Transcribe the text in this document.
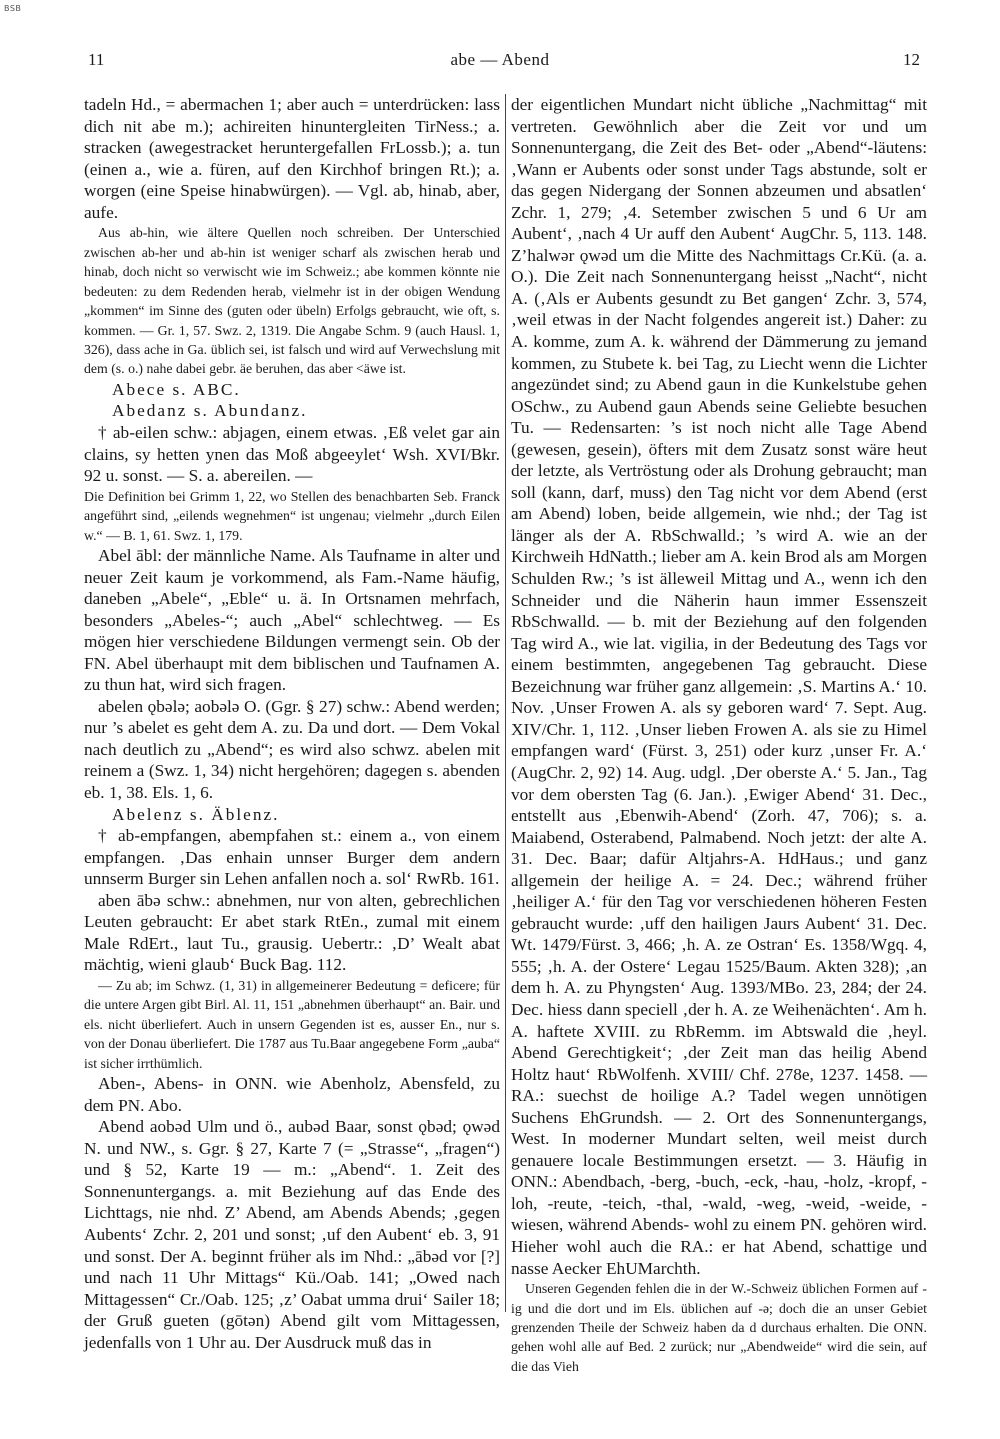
BSB
11	abe — Abend	12

tadeln Hd., = abermachen 1; aber auch = unterdrücken: lass dich nit abe m.); achireiten hinuntergleiten TirNess.; a. stracken (awegestracket heruntergefallen FrLossb.); a. tun (einen a., wie a. füren, auf den Kirchhof bringen Rt.); a. worgen (eine Speise hinabwürgen). — Vgl. ab, hinab, aber, aufe.

Aus ab-hin, wie ältere Quellen noch schreiben. Der Unterschied zwischen ab-her und ab-hin ist weniger scharf als zwischen herab und hinab, doch nicht so verwischt wie im Schweiz.; abe kommen könnte nie bedeuten: zu dem Redenden herab, vielmehr ist in der obigen Wendung „kommen“ im Sinne des (guten oder übeln) Erfolgs gebraucht, wie oft, s. kommen. — Gr. 1, 57. Swz. 2, 1319. Die Angabe Schm. 9 (auch Hausl. 1, 326), dass ache in Ga. üblich sei, ist falsch und wird auf Verwechslung mit dem (s. o.) nahe dabei gebr. äe beruhen, das aber <äwe ist.

Abece s. ABC.

Abedanz s. Abundanz.

† ab-eilen schw.: abjagen, einem etwas. ‚Eß velet gar ain clains, sy hetten ynen das Moß abgeeylet‘ Wsh. XVI/Bkr. 92 u. sonst. — S. a. abereilen. —

Die Definition bei Grimm 1, 22, wo Stellen des benachbarten Seb. Franck angeführt sind, „eilends wegnehmen“ ist ungenau; vielmehr „durch Eilen w.“ — B. 1, 61. Swz. 1, 179.

Abel ābl: der männliche Name. Als Taufname in alter und neuer Zeit kaum je vorkommend, als Fam.-Name häufig, daneben „Abele“, „Eble“ u. ä. In Ortsnamen mehrfach, besonders „Abeles-“; auch „Abel“ schlechtweg. — Es mögen hier verschiedene Bildungen vermengt sein. Ob der FN. Abel überhaupt mit dem biblischen und Taufnamen A. zu thun hat, wird sich fragen.

abelen ǫbələ; aobələ O. (Ggr. § 27) schw.: Abend werden; nur ’s abelet es geht dem A. zu. Da und dort. — Dem Vokal nach deutlich zu „Abend“; es wird also schwz. abelen mit reinem a (Swz. 1, 34) nicht hergehören; dagegen s. abenden eb. 1, 38. Els. 1, 6.

Abelenz s. Äblenz.

† ab-empfangen, abempfahen st.: einem a., von einem empfangen. ‚Das enhain unnser Burger dem andern unnserm Burger sin Lehen anfallen noch a. sol‘ RwRb. 161.

aben ābə schw.: abnehmen, nur von alten, gebrechlichen Leuten gebraucht: Er abet stark RtEn., zumal mit einem Male RdErt., laut Tu., grausig. Uebertr.: ‚D’ Wealt abat mächtig, wieni glaub‘ Buck Bag. 112.

— Zu ab; im Schwz. (1, 31) in allgemeinerer Bedeutung = deficere; für die untere Argen gibt Birl. Al. 11, 151 „abnehmen überhaupt“ an. Bair. und els. nicht überliefert. Auch in unsern Gegenden ist es, ausser En., nur s. von der Donau überliefert. Die 1787 aus Tu.Baar angegebene Form „auba“ ist sicher irrthümlich.

Aben-, Abens- in ONN. wie Abenholz, Abensfeld, zu dem PN. Abo.

Abend aobəd Ulm und ö., aubəd Baar, sonst ǫbəd; ǫwəd N. und NW., s. Ggr. § 27, Karte 7 (= „Strasse“, „fragen“) und § 52, Karte 19 — m.: „Abend“. 1. Zeit des Sonnenuntergangs. a. mit Beziehung auf das Ende des Lichttags, nie nhd. Z’ Abend, am Abends Abends; ‚gegen Aubents‘ Zchr. 2, 201 und sonst; ‚uf den Aubent‘ eb. 3, 91 und sonst. Der A. beginnt früher als im Nhd.: „ābəd vor [?] und nach 11 Uhr Mittags“ Kü./Oab. 141; „Owed nach Mittagessen“ Cr./Oab. 125; ‚z’ Oabat umma drui‘ Sailer 18; der Gruß gueten (gōtən) Abend gilt vom Mittagessen, jedenfalls von 1 Uhr au. Der Ausdruck muß das in

der eigentlichen Mundart nicht übliche „Nachmittag“ mit vertreten. Gewöhnlich aber die Zeit vor und um Sonnenuntergang, die Zeit des Bet- oder „Abend“-läutens: ‚Wann er Aubents oder sonst under Tags abstunde, solt er das gegen Nidergang der Sonnen abzeumen und absatlen‘ Zchr. 1, 279; ‚4. Setember zwischen 5 und 6 Ur am Aubent‘, ‚nach 4 Ur auff den Aubent‘ AugChr. 5, 113. 148. Z’halwər ǫwəd um die Mitte des Nachmittags Cr.Kü. (a. a. O.). Die Zeit nach Sonnenuntergang heisst „Nacht“, nicht A. (‚Als er Aubents gesundt zu Bet gangen‘ Zchr. 3, 574, ‚weil etwas in der Nacht folgendes angereit ist.) Daher: zu A. komme, zum A. k. während der Dämmerung zu jemand kommen, zu Stubete k. bei Tag, zu Liecht wenn die Lichter angezündet sind; zu Abend gaun in die Kunkelstube gehen OSchw., zu Aubend gaun Abends seine Geliebte besuchen Tu. — Redensarten: ’s ist noch nicht alle Tage Abend (gewesen, gesein), öfters mit dem Zusatz sonst wäre heut der letzte, als Vertröstung oder als Drohung gebraucht; man soll (kann, darf, muss) den Tag nicht vor dem Abend (erst am Abend) loben, beide allgemein, wie nhd.; der Tag ist länger als der A. RbSchwalld.; ’s wird A. wie an der Kirchweih HdNatth.; lieber am A. kein Brod als am Morgen Schulden Rw.; ’s ist älleweil Mittag und A., wenn ich den Schneider und die Näherin haun immer Essenszeit RbSchwalld. — b. mit der Beziehung auf den folgenden Tag wird A., wie lat. vigilia, in der Bedeutung des Tags vor einem bestimmten, angegebenen Tag gebraucht. Diese Bezeichnung war früher ganz allgemein: ‚S. Martins A.‘ 10. Nov. ‚Unser Frowen A. als sy geboren ward‘ 7. Sept. Aug. XIV/Chr. 1, 112. ‚Unser lieben Frowen A. als sie zu Himel empfangen ward‘ (Fürst. 3, 251) oder kurz ‚unser Fr. A.‘ (AugChr. 2, 92) 14. Aug. udgl. ‚Der oberste A.‘ 5. Jan., Tag vor dem obersten Tag (6. Jan.). ‚Ewiger Abend‘ 31. Dec., entstellt aus ‚Ebenwih-Abend‘ (Zorh. 47, 706); s. a. Maiabend, Osterabend, Palmabend. Noch jetzt: der alte A. 31. Dec. Baar; dafür Altjahrs-A. HdHaus.; und ganz allgemein der heilige A. = 24. Dec.; während früher ‚heiliger A.‘ für den Tag vor verschiedenen höheren Festen gebraucht wurde: ‚uff den hailigen Jaurs Aubent‘ 31. Dec. Wt. 1479/Fürst. 3, 466; ‚h. A. ze Ostran‘ Es. 1358/Wgq. 4, 555; ‚h. A. der Ostere‘ Legau 1525/Baum. Akten 328); ‚an dem h. A. zu Phyngsten‘ Aug. 1393/MBo. 23, 284; der 24. Dec. hiess dann speciell ‚der h. A. ze Weihenächten‘. Am h. A. haftete XVIII. zu RbRemm. im Abtswald die ‚heyl. Abend Gerechtigkeit‘; ‚der Zeit man das heilig Abend Holtz haut‘ RbWolfenh. XVIII/ Chf. 278e, 1237. 1458. — RA.: suechst de hoilige A.? Tadel wegen unnötigen Suchens EhGrundsh. — 2. Ort des Sonnenuntergangs, West. In moderner Mundart selten, weil meist durch genauere locale Bestimmungen ersetzt. — 3. Häufig in ONN.: Abendbach, -berg, -buch, -eck, -hau, -holz, -kropf, -loh, -reute, -teich, -thal, -wald, -weg, -weid, -weide, -wiesen, während Abends- wohl zu einem PN. gehören wird. Hieher wohl auch die RA.: er hat Abend, schattige und nasse Aecker EhUMarchth.

Unseren Gegenden fehlen die in der W.-Schweiz üblichen Formen auf -ig und die dort und im Els. üblichen auf -ə; doch die an unser Gebiet grenzenden Theile der Schweiz haben da d durchaus erhalten. Die ONN. gehen wohl alle auf Bed. 2 zurück; nur „Abendweide“ wird die sein, auf die das Vieh
